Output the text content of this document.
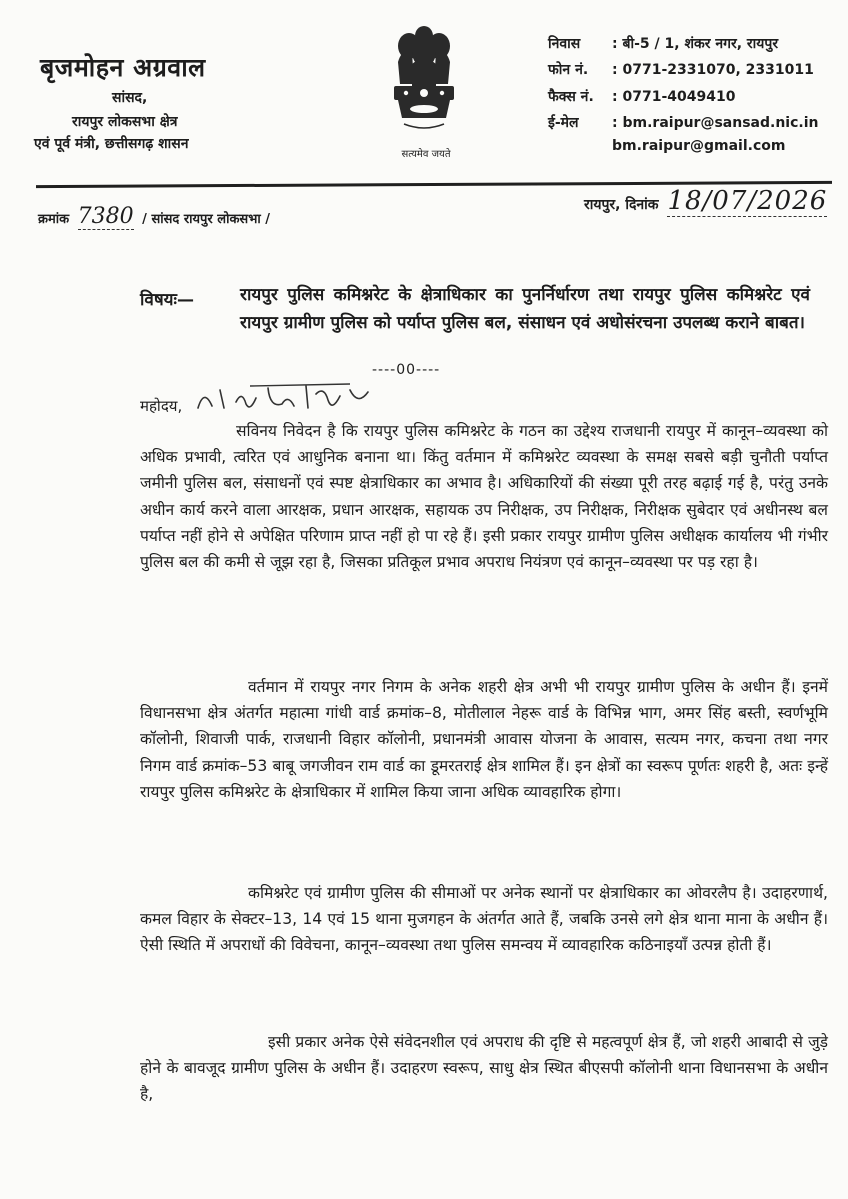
बृजमोहन अग्रवाल
सांसद,
रायपुर लोकसभा क्षेत्र
एवं पूर्व मंत्री, छत्तीसगढ़ शासन
सत्यमेव जयते
निवास : बी-5 / 1, शंकर नगर, रायपुर
फोन नं. : 0771-2331070, 2331011
फैक्स नं. : 0771-4049410
ई-मेल : bm.raipur@sansad.nic.in
bm.raipur@gmail.com
क्रमांक 7380 / सांसद रायपुर लोकसभा /
रायपुर, दिनांक 18/07/2026
विषयः—	रायपुर पुलिस कमिश्नरेट के क्षेत्राधिकार का पुनर्निर्धारण तथा रायपुर पुलिस कमिश्नरेट एवं रायपुर ग्रामीण पुलिस को पर्याप्त पुलिस बल, संसाधन एवं अधोसंरचना उपलब्ध कराने बाबत।
----00----
महोदय,
सविनय निवेदन है कि रायपुर पुलिस कमिश्नरेट के गठन का उद्देश्य राजधानी रायपुर में कानून–व्यवस्था को अधिक प्रभावी, त्वरित एवं आधुनिक बनाना था। किंतु वर्तमान में कमिश्नरेट व्यवस्था के समक्ष सबसे बड़ी चुनौती पर्याप्त जमीनी पुलिस बल, संसाधनों एवं स्पष्ट क्षेत्राधिकार का अभाव है। अधिकारियों की संख्या पूरी तरह बढ़ाई गई है, परंतु उनके अधीन कार्य करने वाला आरक्षक, प्रधान आरक्षक, सहायक उप निरीक्षक, उप निरीक्षक, निरीक्षक सुबेदार एवं अधीनस्थ बल पर्याप्त नहीं होने से अपेक्षित परिणाम प्राप्त नहीं हो पा रहे हैं। इसी प्रकार रायपुर ग्रामीण पुलिस अधीक्षक कार्यालय भी गंभीर पुलिस बल की कमी से जूझ रहा है, जिसका प्रतिकूल प्रभाव अपराध नियंत्रण एवं कानून–व्यवस्था पर पड़ रहा है।
वर्तमान में रायपुर नगर निगम के अनेक शहरी क्षेत्र अभी भी रायपुर ग्रामीण पुलिस के अधीन हैं। इनमें विधानसभा क्षेत्र अंतर्गत महात्मा गांधी वार्ड क्रमांक–8, मोतीलाल नेहरू वार्ड के विभिन्न भाग, अमर सिंह बस्ती, स्वर्णभूमि कॉलोनी, शिवाजी पार्क, राजधानी विहार कॉलोनी, प्रधानमंत्री आवास योजना के आवास, सत्यम नगर, कचना तथा नगर निगम वार्ड क्रमांक–53 बाबू जगजीवन राम वार्ड का डूमरतराई क्षेत्र शामिल हैं। इन क्षेत्रों का स्वरूप पूर्णतः शहरी है, अतः इन्हें रायपुर पुलिस कमिश्नरेट के क्षेत्राधिकार में शामिल किया जाना अधिक व्यावहारिक होगा।
कमिश्नरेट एवं ग्रामीण पुलिस की सीमाओं पर अनेक स्थानों पर क्षेत्राधिकार का ओवरलैप है। उदाहरणार्थ, कमल विहार के सेक्टर–13, 14 एवं 15 थाना मुजगहन के अंतर्गत आते हैं, जबकि उनसे लगे क्षेत्र थाना माना के अधीन हैं। ऐसी स्थिति में अपराधों की विवेचना, कानून–व्यवस्था तथा पुलिस समन्वय में व्यावहारिक कठिनाइयाँ उत्पन्न होती हैं।
इसी प्रकार अनेक ऐसे संवेदनशील एवं अपराध की दृष्टि से महत्वपूर्ण क्षेत्र हैं, जो शहरी आबादी से जुड़े होने के बावजूद ग्रामीण पुलिस के अधीन हैं। उदाहरण स्वरूप, साधु क्षेत्र स्थित बीएसपी कॉलोनी थाना विधानसभा के अधीन है,
